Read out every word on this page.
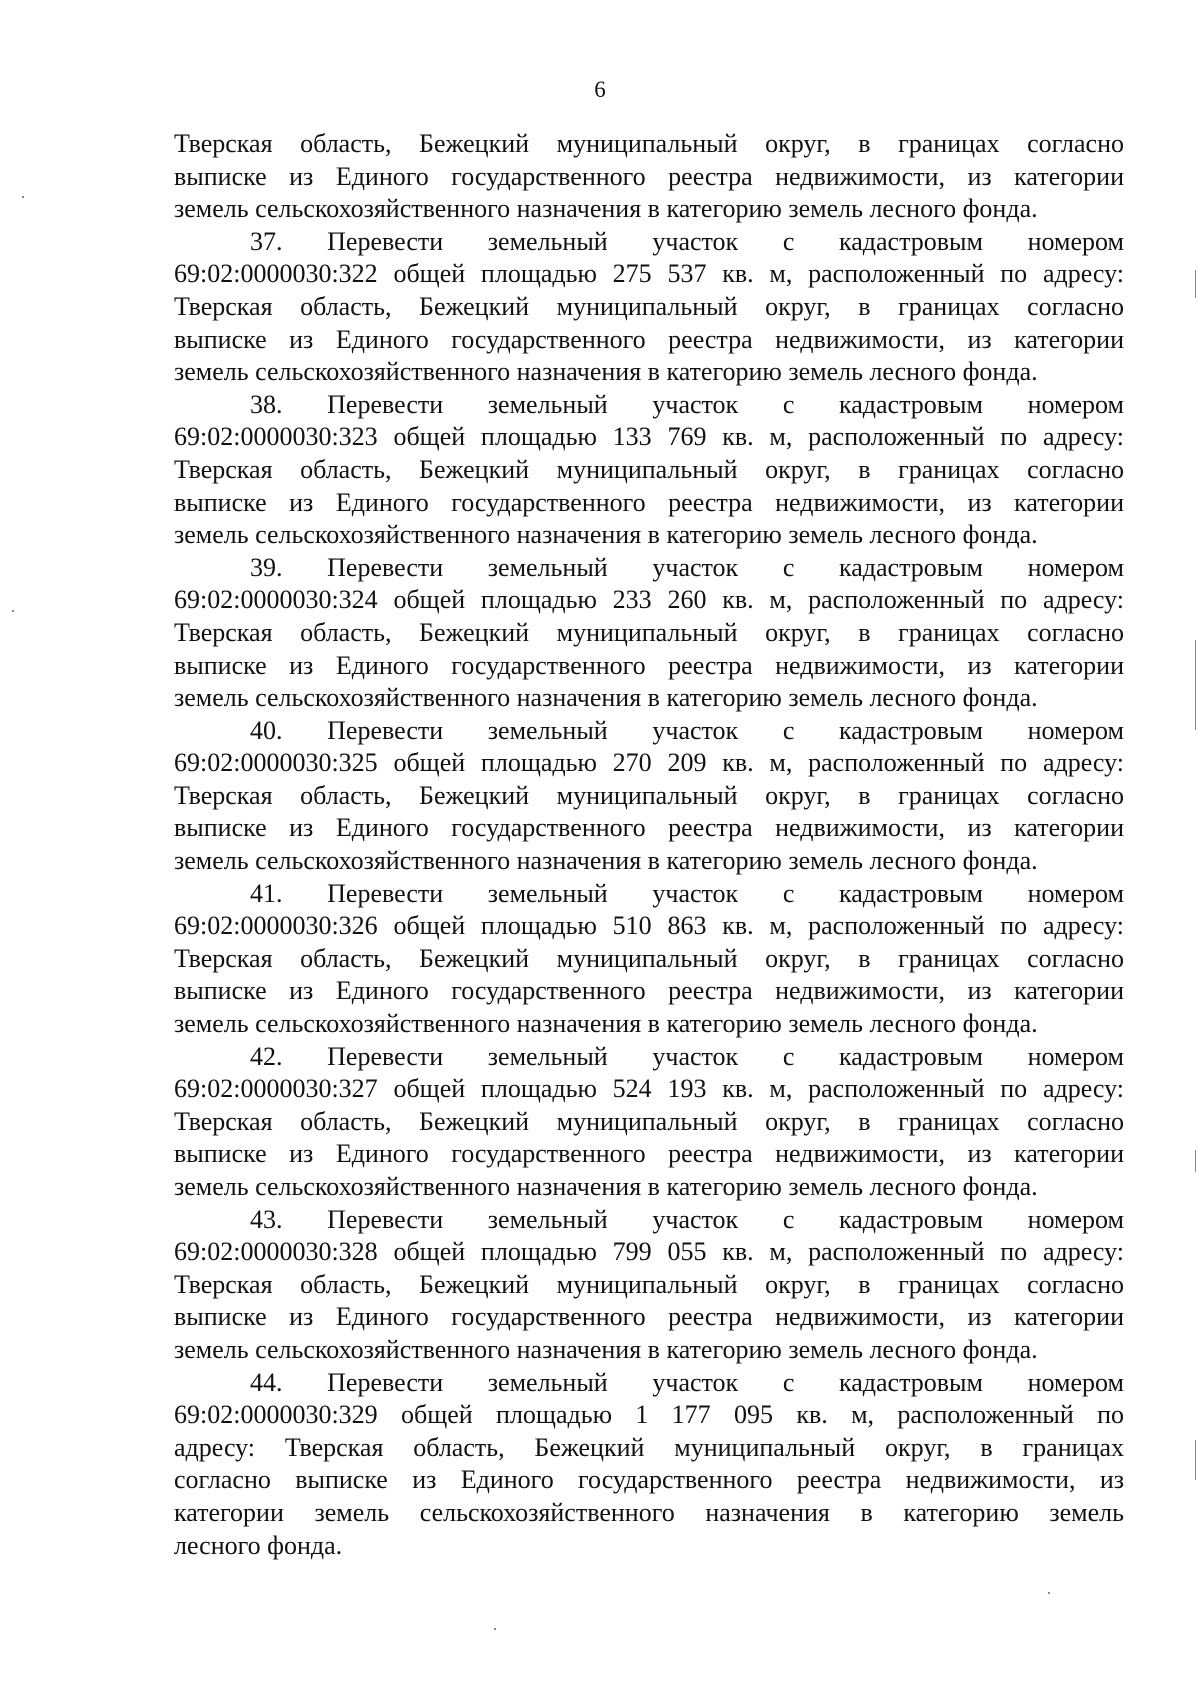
6
Тверская область, Бежецкий муниципальный округ, в границах согласно
выписке из Единого государственного реестра недвижимости, из категории
земель сельскохозяйственного назначения в категорию земель лесного фонда.
37. Перевести земельный участок с кадастровым номером
69:02:0000030:322 общей площадью 275 537 кв. м, расположенный по адресу:
Тверская область, Бежецкий муниципальный округ, в границах согласно
выписке из Единого государственного реестра недвижимости, из категории
земель сельскохозяйственного назначения в категорию земель лесного фонда.
38. Перевести земельный участок с кадастровым номером
69:02:0000030:323 общей площадью 133 769 кв. м, расположенный по адресу:
Тверская область, Бежецкий муниципальный округ, в границах согласно
выписке из Единого государственного реестра недвижимости, из категории
земель сельскохозяйственного назначения в категорию земель лесного фонда.
39. Перевести земельный участок с кадастровым номером
69:02:0000030:324 общей площадью 233 260 кв. м, расположенный по адресу:
Тверская область, Бежецкий муниципальный округ, в границах согласно
выписке из Единого государственного реестра недвижимости, из категории
земель сельскохозяйственного назначения в категорию земель лесного фонда.
40. Перевести земельный участок с кадастровым номером
69:02:0000030:325 общей площадью 270 209 кв. м, расположенный по адресу:
Тверская область, Бежецкий муниципальный округ, в границах согласно
выписке из Единого государственного реестра недвижимости, из категории
земель сельскохозяйственного назначения в категорию земель лесного фонда.
41. Перевести земельный участок с кадастровым номером
69:02:0000030:326 общей площадью 510 863 кв. м, расположенный по адресу:
Тверская область, Бежецкий муниципальный округ, в границах согласно
выписке из Единого государственного реестра недвижимости, из категории
земель сельскохозяйственного назначения в категорию земель лесного фонда.
42. Перевести земельный участок с кадастровым номером
69:02:0000030:327 общей площадью 524 193 кв. м, расположенный по адресу:
Тверская область, Бежецкий муниципальный округ, в границах согласно
выписке из Единого государственного реестра недвижимости, из категории
земель сельскохозяйственного назначения в категорию земель лесного фонда.
43. Перевести земельный участок с кадастровым номером
69:02:0000030:328 общей площадью 799 055 кв. м, расположенный по адресу:
Тверская область, Бежецкий муниципальный округ, в границах согласно
выписке из Единого государственного реестра недвижимости, из категории
земель сельскохозяйственного назначения в категорию земель лесного фонда.
44. Перевести земельный участок с кадастровым номером
69:02:0000030:329 общей площадью 1 177 095 кв. м, расположенный по
адресу: Тверская область, Бежецкий муниципальный округ, в границах
согласно выписке из Единого государственного реестра недвижимости, из
категории земель сельскохозяйственного назначения в категорию земель
лесного фонда.
